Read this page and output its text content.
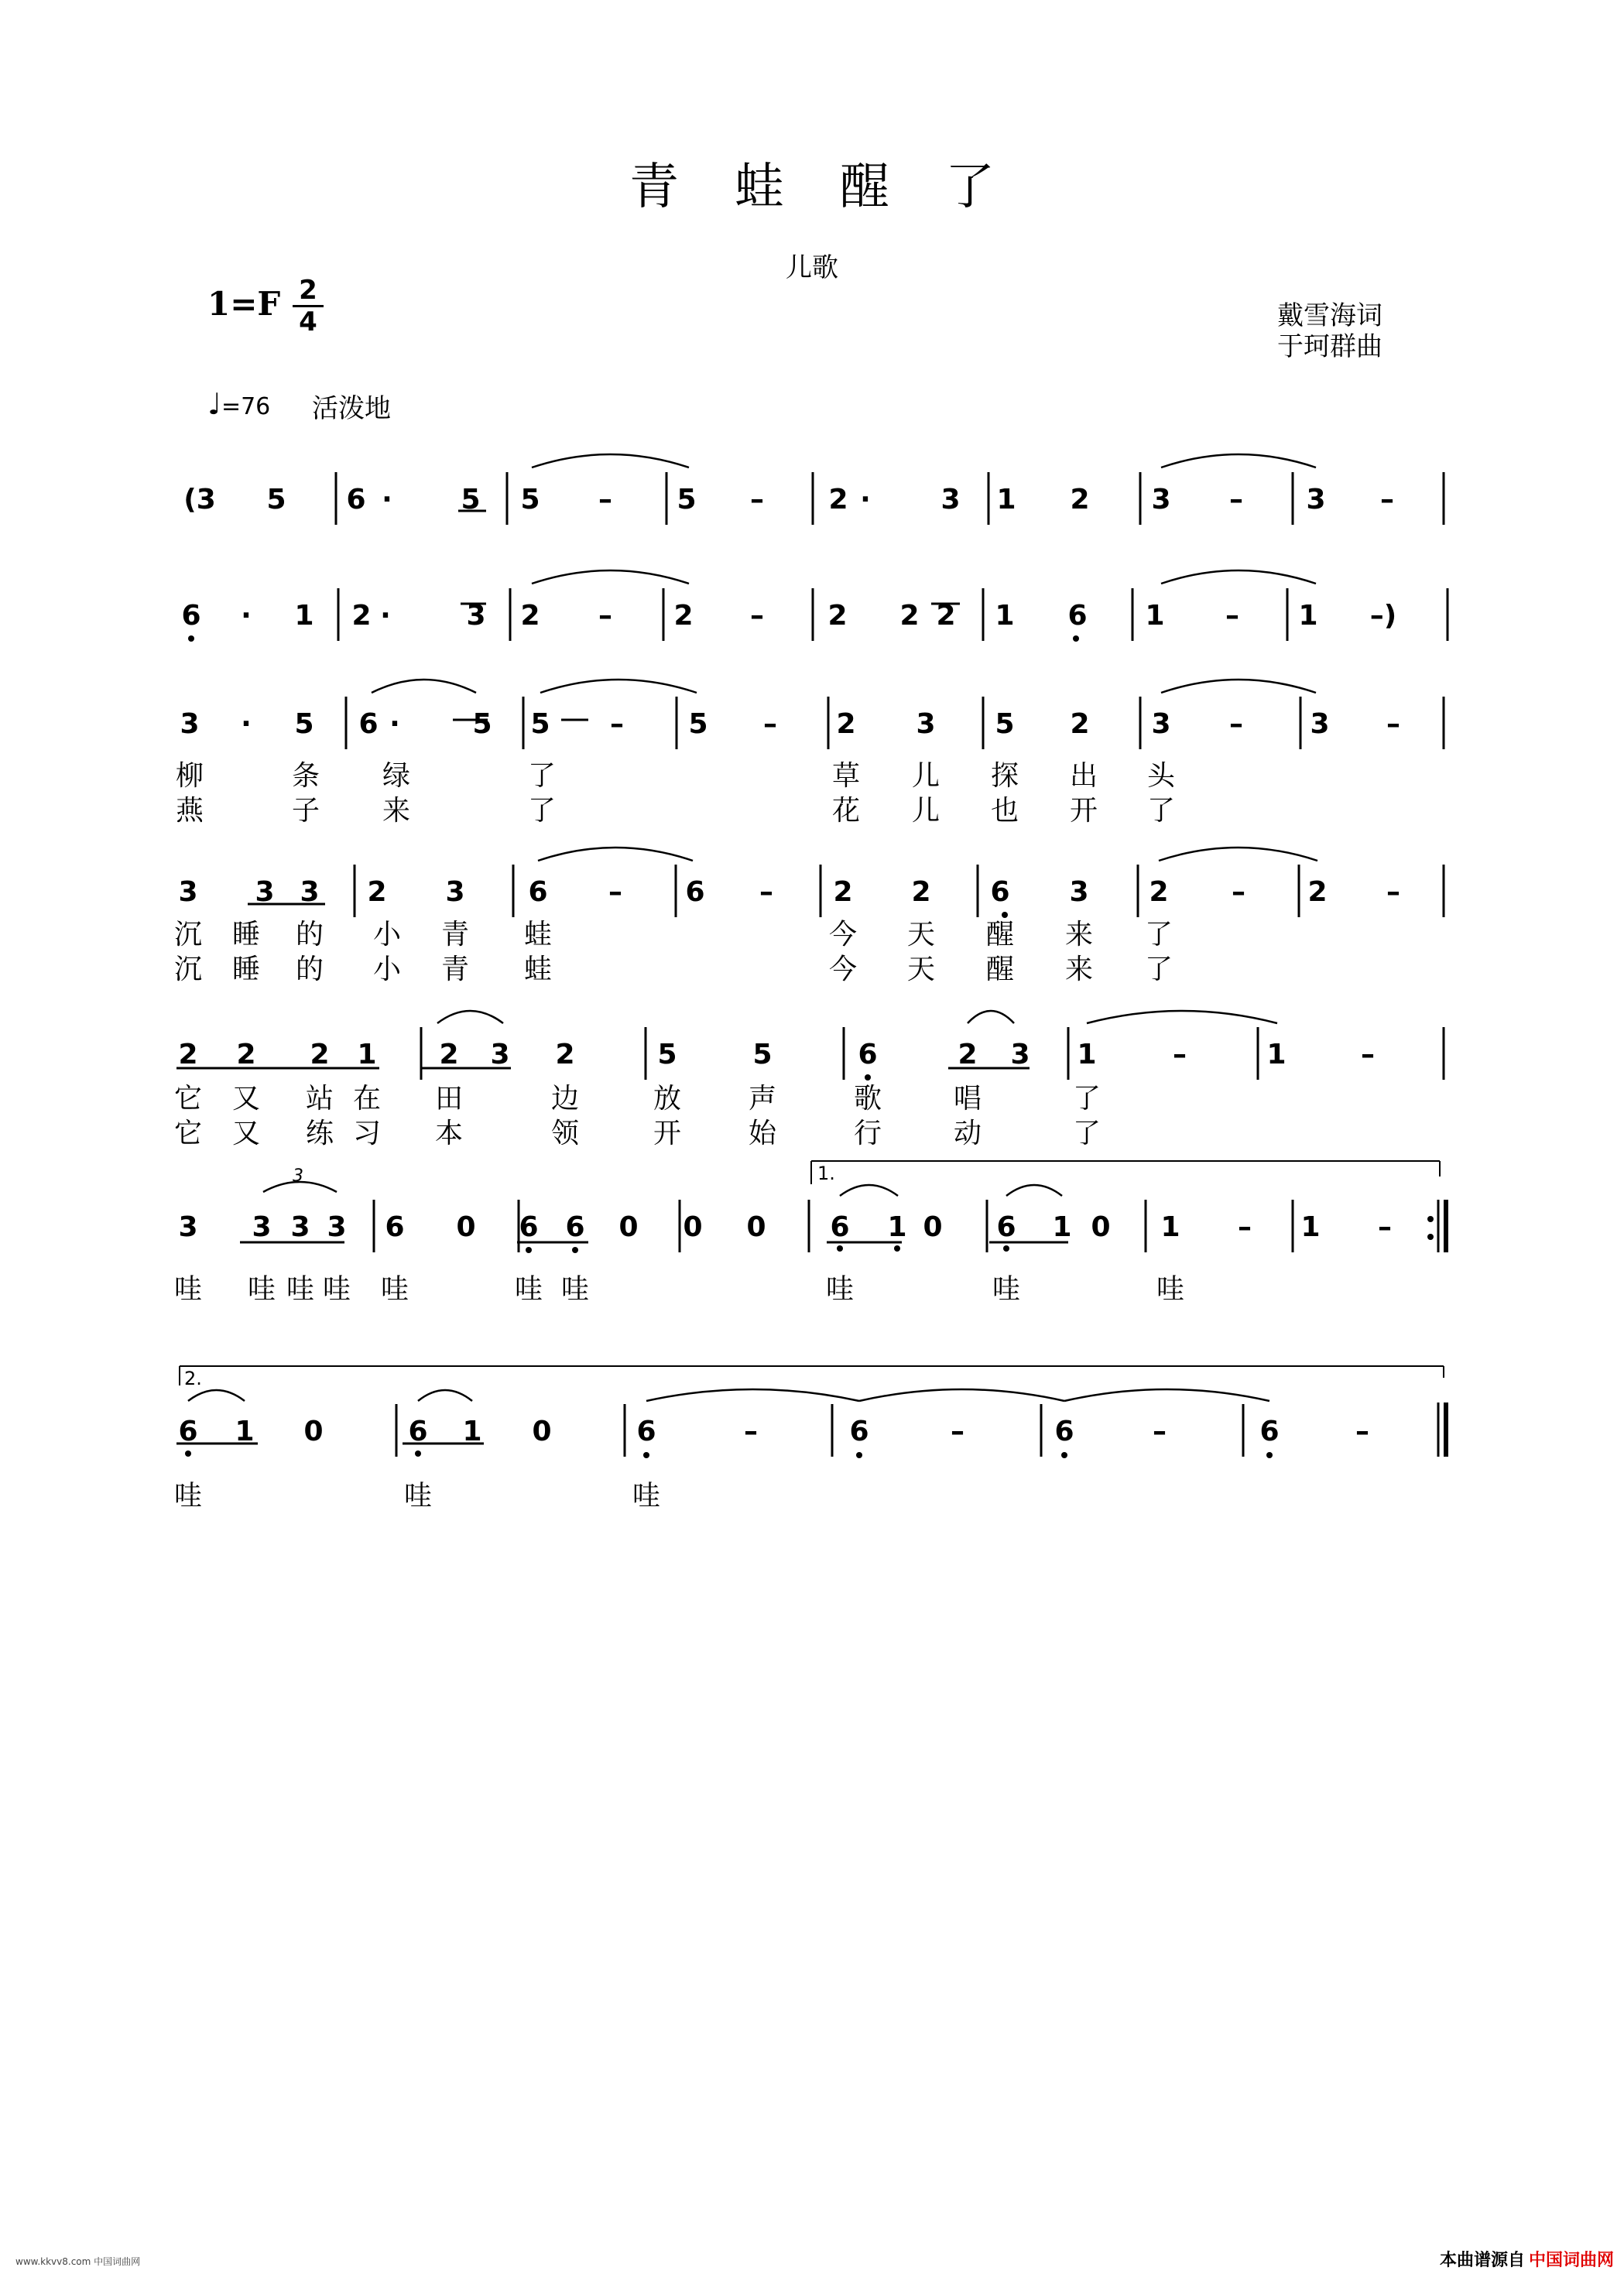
青蛙醒了
儿歌
1=F 2
4	戴雪海词
于珂群曲
♩=76 活泼地
(3 5 6 · 5 5 – 5 – 2 ·	3 1 2 3 – 3 –
6 · 1 2 ·	3 2 – 2 – 2 2 2 1 6 1 – 1 –)
3 · 5 6 ·	5 5 – 5 – 2 3 5 2 3 – 3 –
3 3 3 2 3 6 – 6 – 2 2 6 3 2 – 2 –
2 2 2 1 2 3 2	5	5	6	2 3 1	–	1	–
3 3 3 3 6 0 6 6 0 0 0 6 1 0 6 1 0 1 – 1 –
6 1 0	6 1 0	6	–	6	–	6	–	6	–
1.
2.
3
柳	条 绿	了	草 儿 探 出 头
燕	子 来	了	花 儿 也 开 了
沉 睡 的 小 青 蛙	今 天 醒 来 了
沉 睡 的 小 青 蛙	今 天 醒 来 了
它 又 站 在 田	边	放 声	歌	唱	了
它 又 练 习 本	领	开 始	行	动	了
哇 哇 哇 哇 哇	哇 哇	哇	哇	哇
哇	哇	哇
www.kkvv8.com 中国词曲网	本曲谱源自 中国词曲网
